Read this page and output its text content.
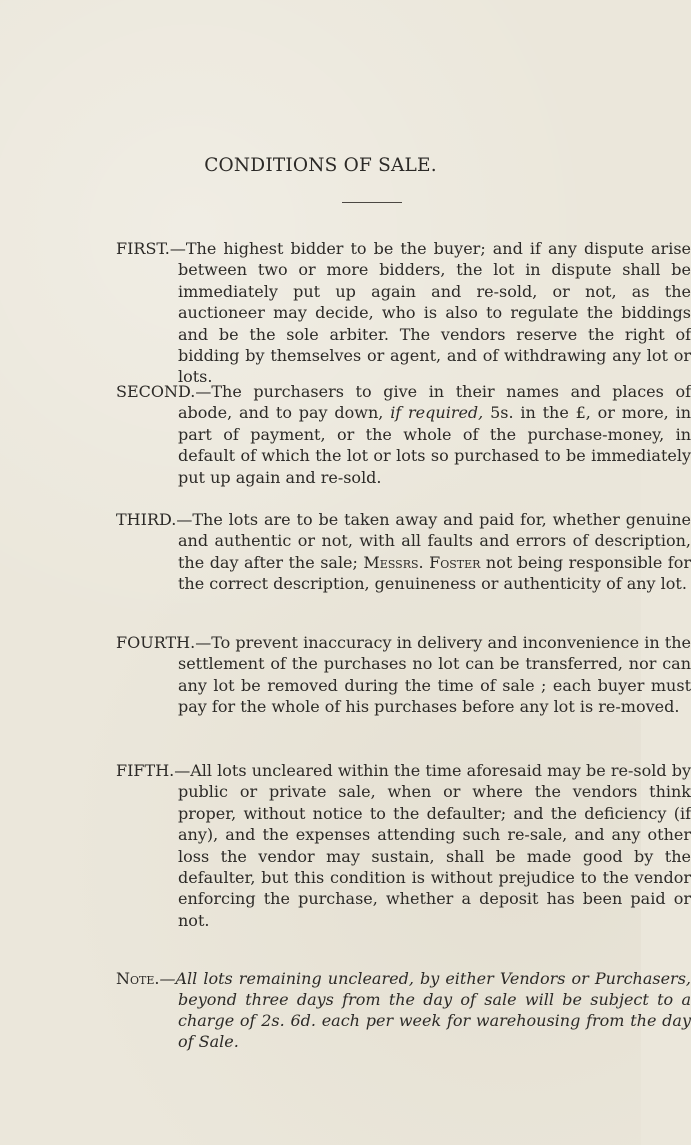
CONDITIONS OF SALE.
FIRST.—The highest bidder to be the buyer; and if any dispute arise between two or more bidders, the lot in dispute shall be immediately put up again and re-sold, or not, as the auctioneer may decide, who is also to regulate the biddings and be the sole arbiter. The vendors reserve the right of bidding by themselves or agent, and of withdrawing any lot or lots.
SECOND.—The purchasers to give in their names and places of abode, and to pay down, if required, 5s. in the £, or more, in part of payment, or the whole of the purchase-money, in default of which the lot or lots so purchased to be immediately put up again and re-sold.
THIRD.—The lots are to be taken away and paid for, whether genuine and authentic or not, with all faults and errors of description, the day after the sale; Messrs. Foster not being responsible for the correct description, genuineness or authenticity of any lot.
FOURTH.—To prevent inaccuracy in delivery and inconvenience in the settlement of the purchases no lot can be transferred, nor can any lot be removed during the time of sale ; each buyer must pay for the whole of his purchases before any lot is re-moved.
FIFTH.—All lots uncleared within the time aforesaid may be re-sold by public or private sale, when or where the vendors think proper, without notice to the defaulter; and the deficiency (if any), and the expenses attending such re-sale, and any other loss the vendor may sustain, shall be made good by the defaulter, but this condition is without prejudice to the vendor enforcing the purchase, whether a deposit has been paid or not.
Note.—All lots remaining uncleared, by either Vendors or Purchasers, beyond three days from the day of sale will be subject to a charge of 2s. 6d. each per week for warehousing from the day of Sale.
